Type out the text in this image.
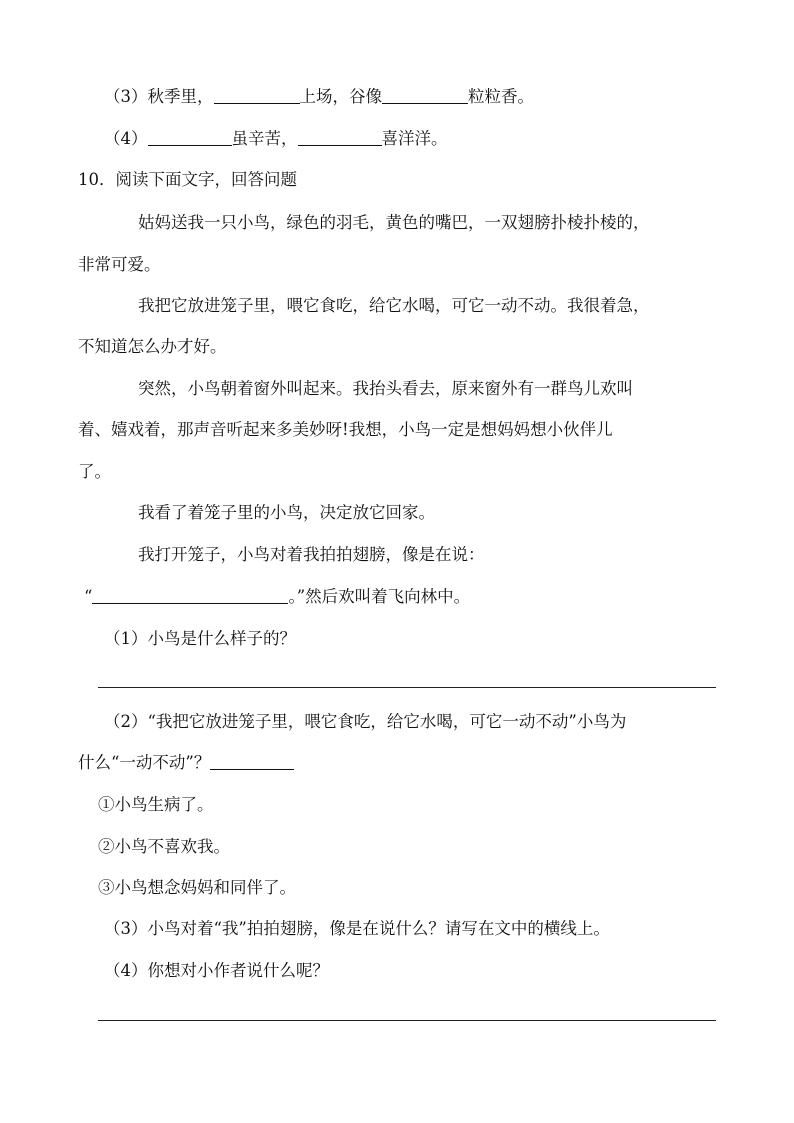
（3）秋季里，	上场，谷像	粒粒香。
（4）	虽辛苦，	喜洋洋。
10．阅读下面文字，回答问题
姑妈送我一只小鸟，绿色的羽毛，黄色的嘴巴，一双翅膀扑棱扑棱的，
非常可爱。
我把它放进笼子里，喂它食吃，给它水喝，可它一动不动。我很着急，
不知道怎么办才好。
突然，小鸟朝着窗外叫起来。我抬头看去，原来窗外有一群鸟儿欢叫
着、嬉戏着，那声音听起来多美妙呀!我想，小鸟一定是想妈妈想小伙伴儿
了。
我看了着笼子里的小鸟，决定放它回家。
我打开笼子，小鸟对着我拍拍翅膀，像是在说：
“	。”然后欢叫着飞向林中。
（1）小鸟是什么样子的？
（2）“我把它放进笼子里，喂它食吃，给它水喝，可它一动不动”小鸟为
什么“一动不动”？
①小鸟生病了。
②小鸟不喜欢我。
③小鸟想念妈妈和同伴了。
（3）小鸟对着“我”拍拍翅膀，像是在说什么？请写在文中的横线上。
（4）你想对小作者说什么呢？
